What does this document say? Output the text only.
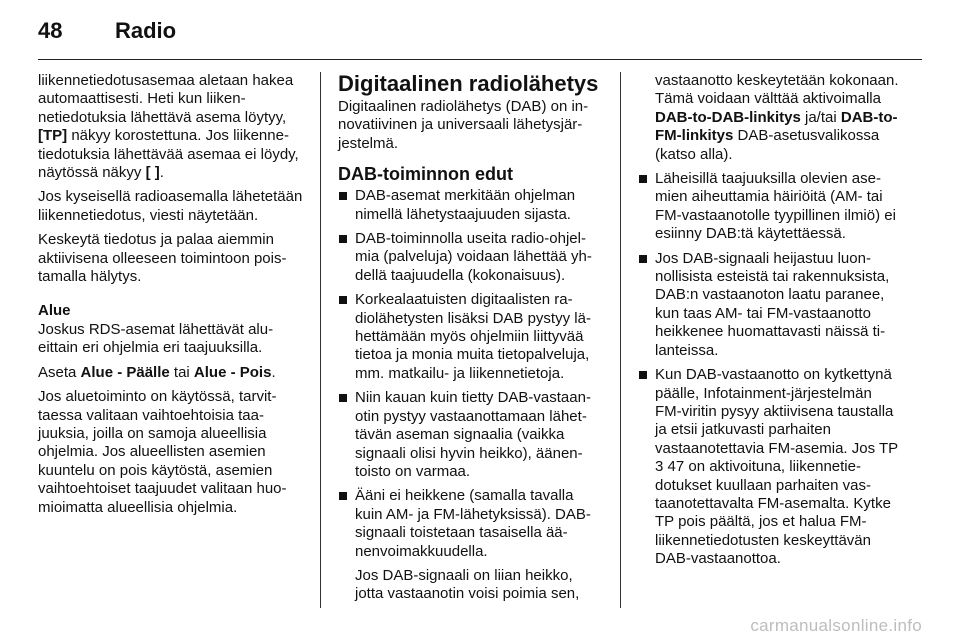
48 Radio

liikennetiedotusasemaa aletaan hakea automaattisesti. Heti kun liikennetiedotuksia lähettävä asema löytyy, [TP] näkyy korostettuna. Jos liikennetiedotuksia lähettävää asemaa ei löydy, näytössä näkyy [ ].

Jos kyseisellä radioasemalla lähetetään liikennetiedotus, viesti näytetään.

Keskeytä tiedotus ja palaa aiemmin aktiivisena olleeseen toimintoon poistamalla hälytys.

Alue

Joskus RDS-asemat lähettävät alueittain eri ohjelmia eri taajuuksilla.

Aseta Alue - Päälle tai Alue - Pois.

Jos aluetoiminto on käytössä, tarvittaessa valitaan vaihtoehtoisia taajuuksia, joilla on samoja alueellisia ohjelmia. Jos alueellisten asemien kuuntelu on pois käytöstä, asemien vaihtoehtoiset taajuudet valitaan huomioimatta alueellisia ohjelmia.

Digitaalinen radiolähetys

Digitaalinen radiolähetys (DAB) on innovatiivinen ja universaali lähetysjärjestelmä.

DAB-toiminnon edut

DAB-asemat merkitään ohjelman nimellä lähetystaajuuden sijasta.
DAB-toiminnolla useita radio-ohjelmia (palveluja) voidaan lähettää yhdellä taajuudella (kokonaisuus).
Korkealaatuisten digitaalisten radiolähetysten lisäksi DAB pystyy lähettämään myös ohjelmiin liittyvää tietoa ja monia muita tietopalveluja, mm. matkailu- ja liikennetietoja.
Niin kauan kuin tietty DAB-vastaanotin pystyy vastaanottamaan lähettävän aseman signaalia (vaikka signaali olisi hyvin heikko), äänentoisto on varmaa.
Ääni ei heikkene (samalla tavalla kuin AM- ja FM-lähetyksissä). DAB-signaali toistetaan tasaisella äänenvoimakkuudella.

Jos DAB-signaali on liian heikko, jotta vastaanotin voisi poimia sen,

vastaanotto keskeytetään kokonaan. Tämä voidaan välttää aktivoimalla DAB-to-DAB-linkitys ja/tai DAB-to-FM-linkitys DAB-asetusvalikossa (katso alla).

Läheisillä taajuuksilla olevien asemien aiheuttamia häiriöitä (AM- tai FM-vastaanotolle tyypillinen ilmiö) ei esiinny DAB:tä käytettäessä.
Jos DAB-signaali heijastuu luonnollisista esteistä tai rakennuksista, DAB:n vastaanoton laatu paranee, kun taas AM- tai FM-vastaanotto heikkenee huomattavasti näissä tilanteissa.
Kun DAB-vastaanotto on kytkettynä päälle, Infotainment-järjestelmän FM-viritin pysyy aktiivisena taustalla ja etsii jatkuvasti parhaiten vastaanotettavia FM-asemia. Jos TP 3 47 on aktivoituna, liikennetiedotukset kuullaan parhaiten vastaanotettavalta FM-asemalta. Kytke TP pois päältä, jos et halua FM-liikennetiedotusten keskeyttävän DAB-vastaanottoa.
carmanualsonline.info
